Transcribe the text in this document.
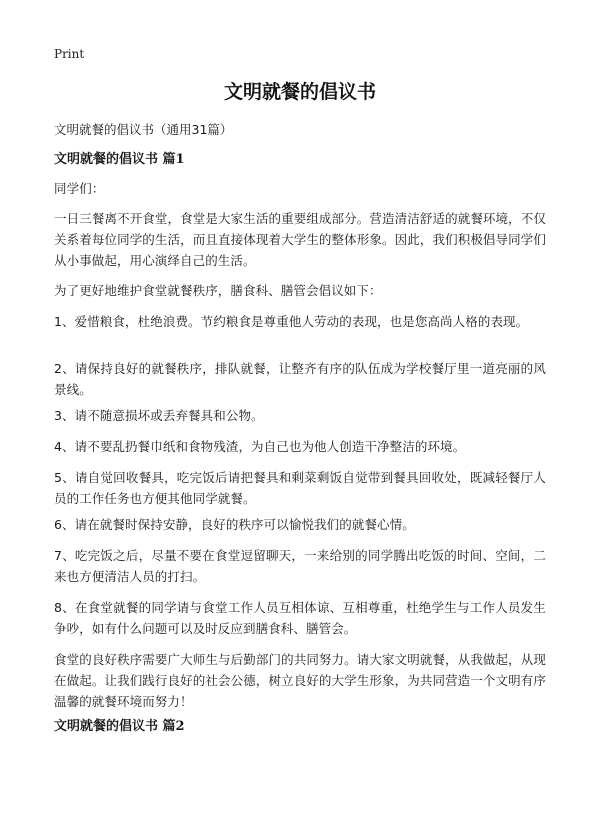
Print
文明就餐的倡议书
文明就餐的倡议书（通用31篇）
文明就餐的倡议书 篇1
同学们：
一日三餐离不开食堂，食堂是大家生活的重要组成部分。营造清洁舒适的就餐环境，不仅关系着每位同学的生活，而且直接体现着大学生的整体形象。因此，我们积极倡导同学们从小事做起，用心演绎自己的生活。
为了更好地维护食堂就餐秩序，膳食科、膳管会倡议如下：
1、爱惜粮食，杜绝浪费。节约粮食是尊重他人劳动的表现，也是您高尚人格的表现。
2、请保持良好的就餐秩序，排队就餐，让整齐有序的队伍成为学校餐厅里一道亮丽的风景线。
3、请不随意损坏或丢弃餐具和公物。
4、请不要乱扔餐巾纸和食物残渣，为自己也为他人创造干净整洁的环境。
5、请自觉回收餐具，吃完饭后请把餐具和剩菜剩饭自觉带到餐具回收处，既减轻餐厅人员的工作任务也方便其他同学就餐。
6、请在就餐时保持安静，良好的秩序可以愉悦我们的就餐心情。
7、吃完饭之后，尽量不要在食堂逗留聊天，一来给别的同学腾出吃饭的时间、空间，二来也方便清洁人员的打扫。
8、在食堂就餐的同学请与食堂工作人员互相体谅、互相尊重，杜绝学生与工作人员发生争吵，如有什么问题可以及时反应到膳食科、膳管会。
食堂的良好秩序需要广大师生与后勤部门的共同努力。请大家文明就餐，从我做起，从现在做起。让我们践行良好的社会公德，树立良好的大学生形象，为共同营造一个文明有序温馨的就餐环境而努力！
文明就餐的倡议书 篇2
